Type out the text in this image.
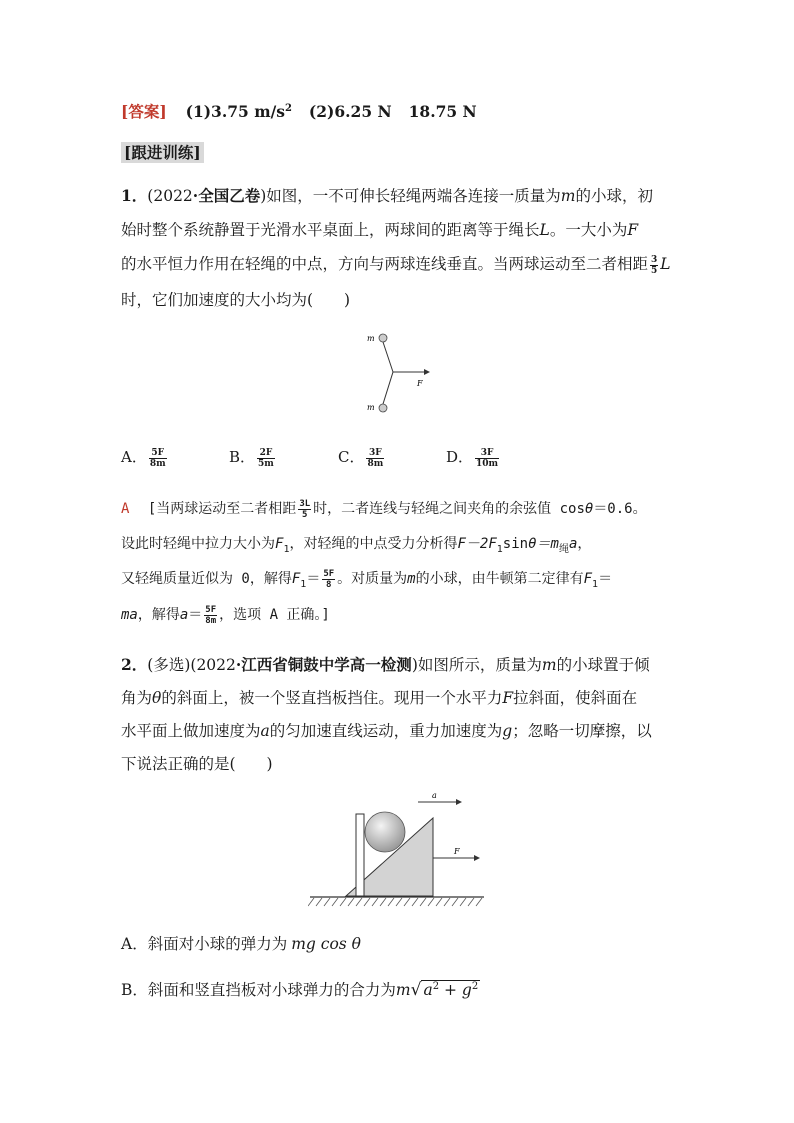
[答案] (1)3.75 $m/s^2$ (2)6.25 N 18.75 N
[跟进训练]
1．(2022·全国乙卷)如图，一不可伸长轻绳两端各连接一质量为m的小球，初
始时整个系统静置于光滑水平桌面上，两球间的距离等于绳长L。一大小为F
的水平恒力作用在轻绳的中点，方向与两球连线垂直。当两球运动至二者相距 $\frac{3}{5}$ L
时，它们加速度的大小均为(　　)
m
m
F
A． $\frac{5F}{8m}$	B． $\frac{2F}{5m}$	C． $\frac{3F}{8m}$	D． $\frac{3F}{10m}$
A [当两球运动至二者相距 $\frac{3L}{5}$ 时，二者连线与轻绳之间夹角的余弦值 cosθ＝0.6。
设此时轻绳中拉力大小为$F_1$，对轻绳的中点受力分析得$F-2F_1\sin\theta=m_绳a$，
又轻绳质量近似为 0，解得$F_1= \frac{5F}{8}$ 。对质量为m的小球，由牛顿第二定律有$F_1=$
ma，解得$a= \frac{5F}{8m}$ ，选项 A 正确。]
2．(多选)(2022·江西省铜鼓中学高一检测)如图所示，质量为m的小球置于倾
角为θ的斜面上，被一个竖直挡板挡住。现用一个水平力F拉斜面，使斜面在
水平面上做加速度为a的匀加速直线运动，重力加速度为g；忽略一切摩擦，以
下说法正确的是(　　)
a
F
A．斜面对小球的弹力为 mg cos θ
B．斜面和竖直挡板对小球弹力的合力为m√ $a^2 + g^2$
